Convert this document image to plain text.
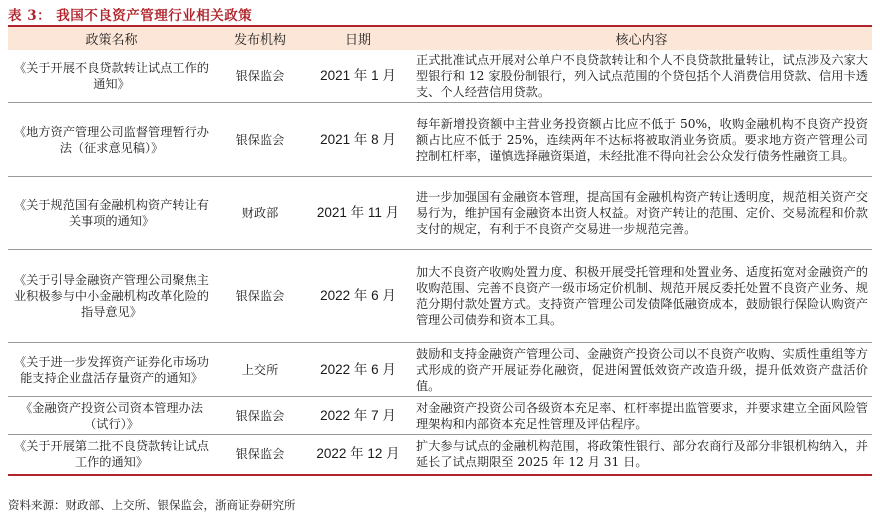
表 3： 我国不良资产管理行业相关政策
政策名称	发布机构	日期	核心内容
《关于开展不良贷款转让试点工作的通知》	银保监会	2021 年 1 月	正式批准试点开展对公单户不良贷款转让和个人不良贷款批量转让，试点涉及六家大型银行和 12 家股份制银行，列入试点范围的个贷包括个人消费信用贷款、信用卡透支、个人经营信用贷款。
《地方资产管理公司监督管理暂行办法（征求意见稿）》	银保监会	2021 年 8 月	每年新增投资额中主营业务投资额占比应不低于 50%，收购金融机构不良资产投资额占比应不低于 25%，连续两年不达标将被取消业务资质。要求地方资产管理公司控制杠杆率，谨慎选择融资渠道，未经批准不得向社会公众发行债务性融资工具。
《关于规范国有金融机构资产转让有关事项的通知》	财政部	2021 年 11 月	进一步加强国有金融资本管理，提高国有金融机构资产转让透明度，规范相关资产交易行为，维护国有金融资本出资人权益。对资产转让的范围、定价、交易流程和价款支付的规定，有利于不良资产交易进一步规范完善。
《关于引导金融资产管理公司聚焦主业积极参与中小金融机构改革化险的指导意见》	银保监会	2022 年 6 月	加大不良资产收购处置力度、积极开展受托管理和处置业务、适度拓宽对金融资产的收购范围、完善不良资产一级市场定价机制、规范开展反委托处置不良资产业务、规范分期付款处置方式。支持资产管理公司发债降低融资成本，鼓励银行保险认购资产管理公司债券和资本工具。
《关于进一步发挥资产证券化市场功能支持企业盘活存量资产的通知》	上交所	2022 年 6 月	鼓励和支持金融资产管理公司、金融资产投资公司以不良资产收购、实质性重组等方式形成的资产开展证券化融资，促进闲置低效资产改造升级，提升低效资产盘活价值。
《金融资产投资公司资本管理办法（试行）》	银保监会	2022 年 7 月	对金融资产投资公司各级资本充足率、杠杆率提出监管要求，并要求建立全面风险管理架构和内部资本充足性管理及评估程序。
《关于开展第二批不良贷款转让试点工作的通知》	银保监会	2022 年 12 月	扩大参与试点的金融机构范围，将政策性银行、部分农商行及部分非银机构纳入，并延长了试点期限至 2025 年 12 月 31 日。
资料来源：财政部、上交所、银保监会，浙商证券研究所
